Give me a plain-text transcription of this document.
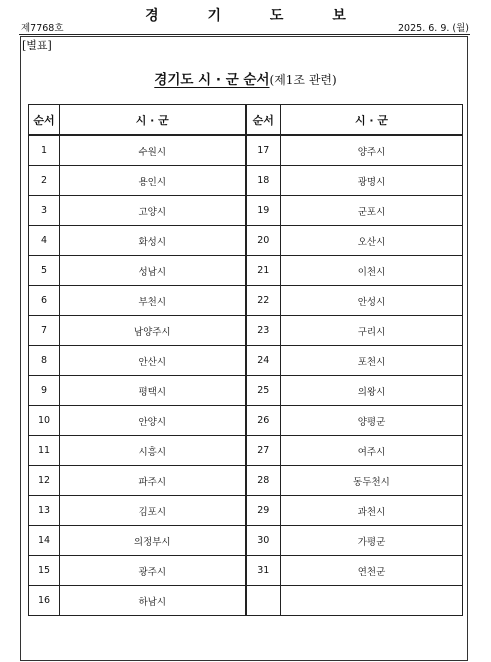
경 기 도 보
제7768호	2025. 6. 9. (월)
[별표]
경기도 시 · 군 순서(제1조 관련)
순서	시 · 군	순서	시 · 군
1	수원시	17	양주시
2	용인시	18	광명시
3	고양시	19	군포시
4	화성시	20	오산시
5	성남시	21	이천시
6	부천시	22	안성시
7	남양주시	23	구리시
8	안산시	24	포천시
9	평택시	25	의왕시
10	안양시	26	양평군
11	시흥시	27	여주시
12	파주시	28	동두천시
13	김포시	29	과천시
14	의정부시	30	가평군
15	광주시	31	연천군
16	하남시		
